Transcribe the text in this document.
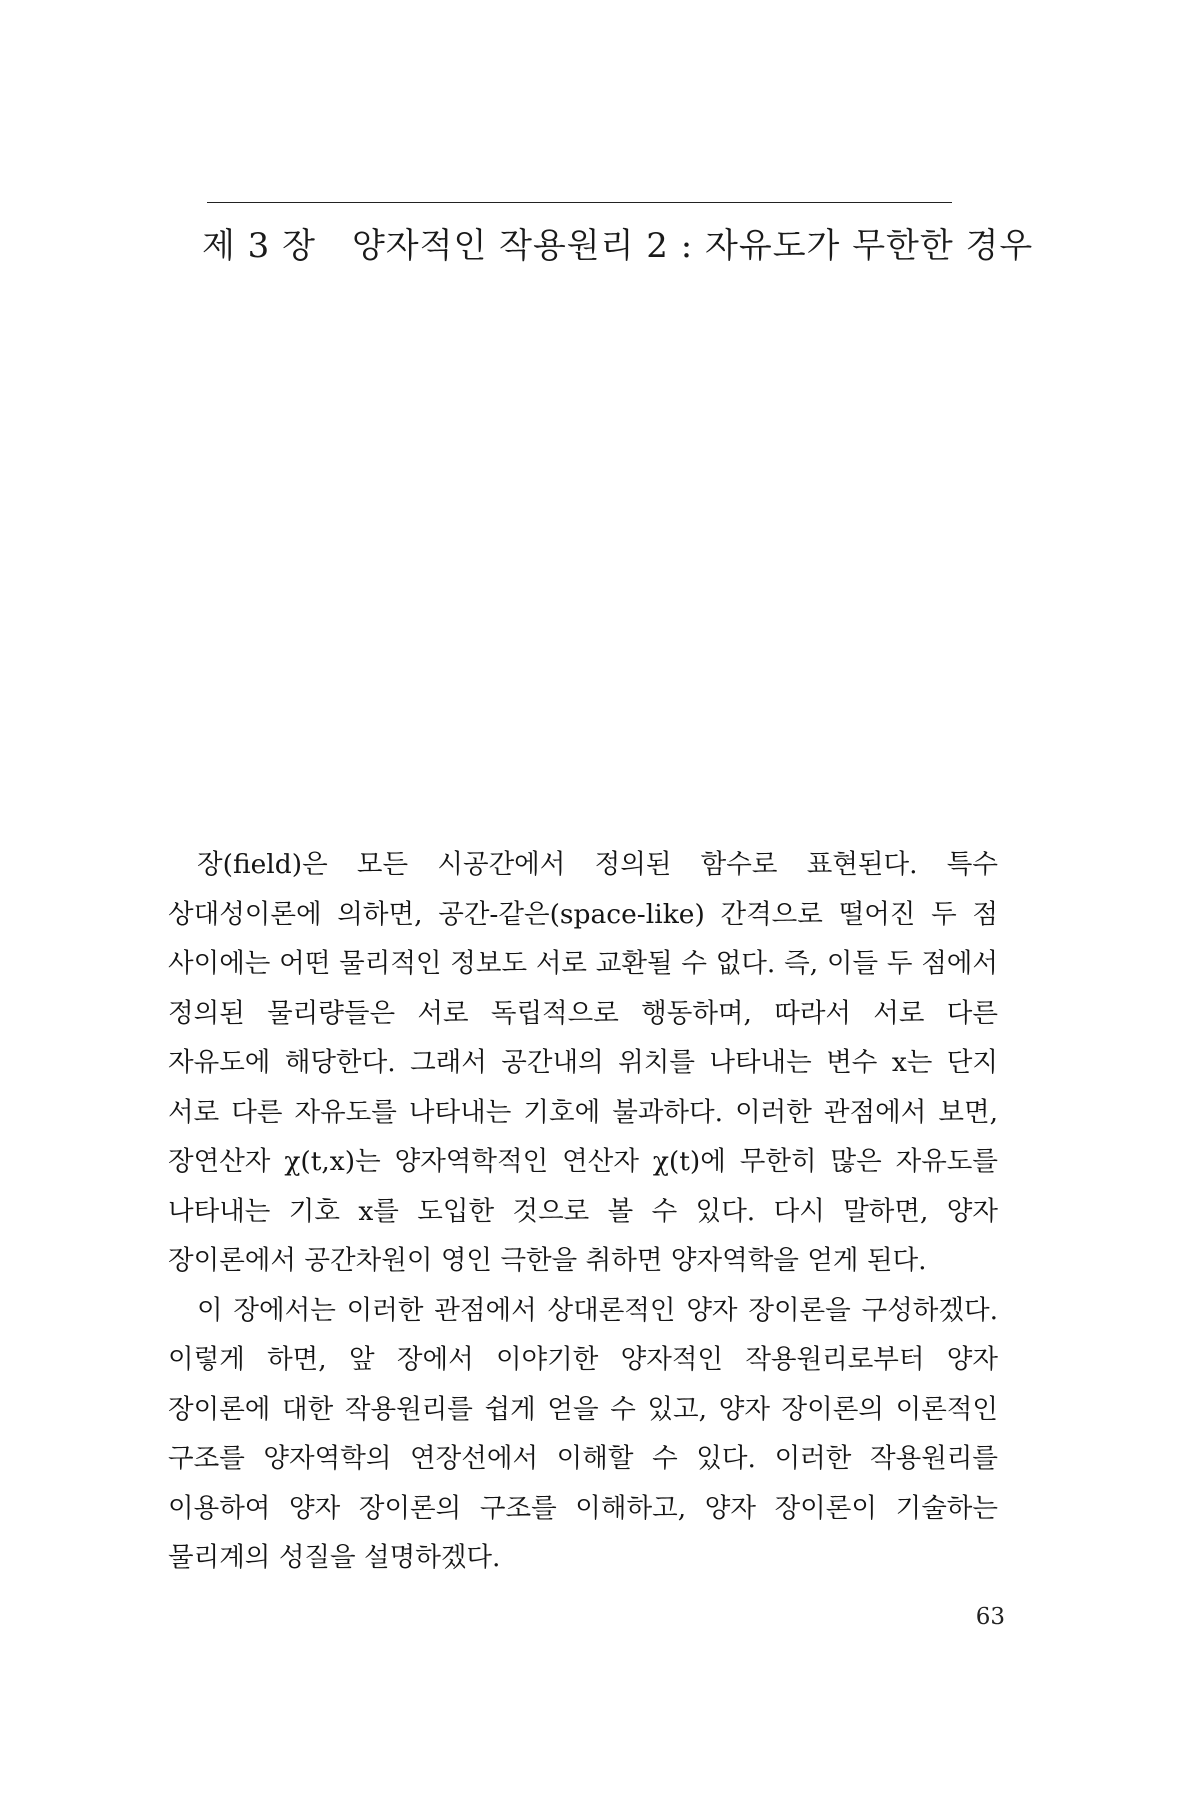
제 3 장 양자적인 작용원리 2 : 자유도가 무한한 경우

장(field)은 모든 시공간에서 정의된 함수로 표현된다. 특수 상대성이론에 의하면, 공간-같은(space-like) 간격으로 떨어진 두 점 사이에는 어떤 물리적인 정보도 서로 교환될 수 없다. 즉, 이들 두 점에서 정의된 물리량들은 서로 독립적으로 행동하며, 따라서 서로 다른 자유도에 해당한다. 그래서 공간내의 위치를 나타내는 변수 x는 단지 서로 다른 자유도를 나타내는 기호에 불과하다. 이러한 관점에서 보면, 장연산자 χ(t,x)는 양자역학적인 연산자 χ(t)에 무한히 많은 자유도를 나타내는 기호 x를 도입한 것으로 볼 수 있다. 다시 말하면, 양자 장이론에서 공간차원이 영인 극한을 취하면 양자역학을 얻게 된다.

이 장에서는 이러한 관점에서 상대론적인 양자 장이론을 구성하겠다. 이렇게 하면, 앞 장에서 이야기한 양자적인 작용원리로부터 양자 장이론에 대한 작용원리를 쉽게 얻을 수 있고, 양자 장이론의 이론적인 구조를 양자역학의 연장선에서 이해할 수 있다. 이러한 작용원리를 이용하여 양자 장이론의 구조를 이해하고, 양자 장이론이 기술하는 물리계의 성질을 설명하겠다.

63
